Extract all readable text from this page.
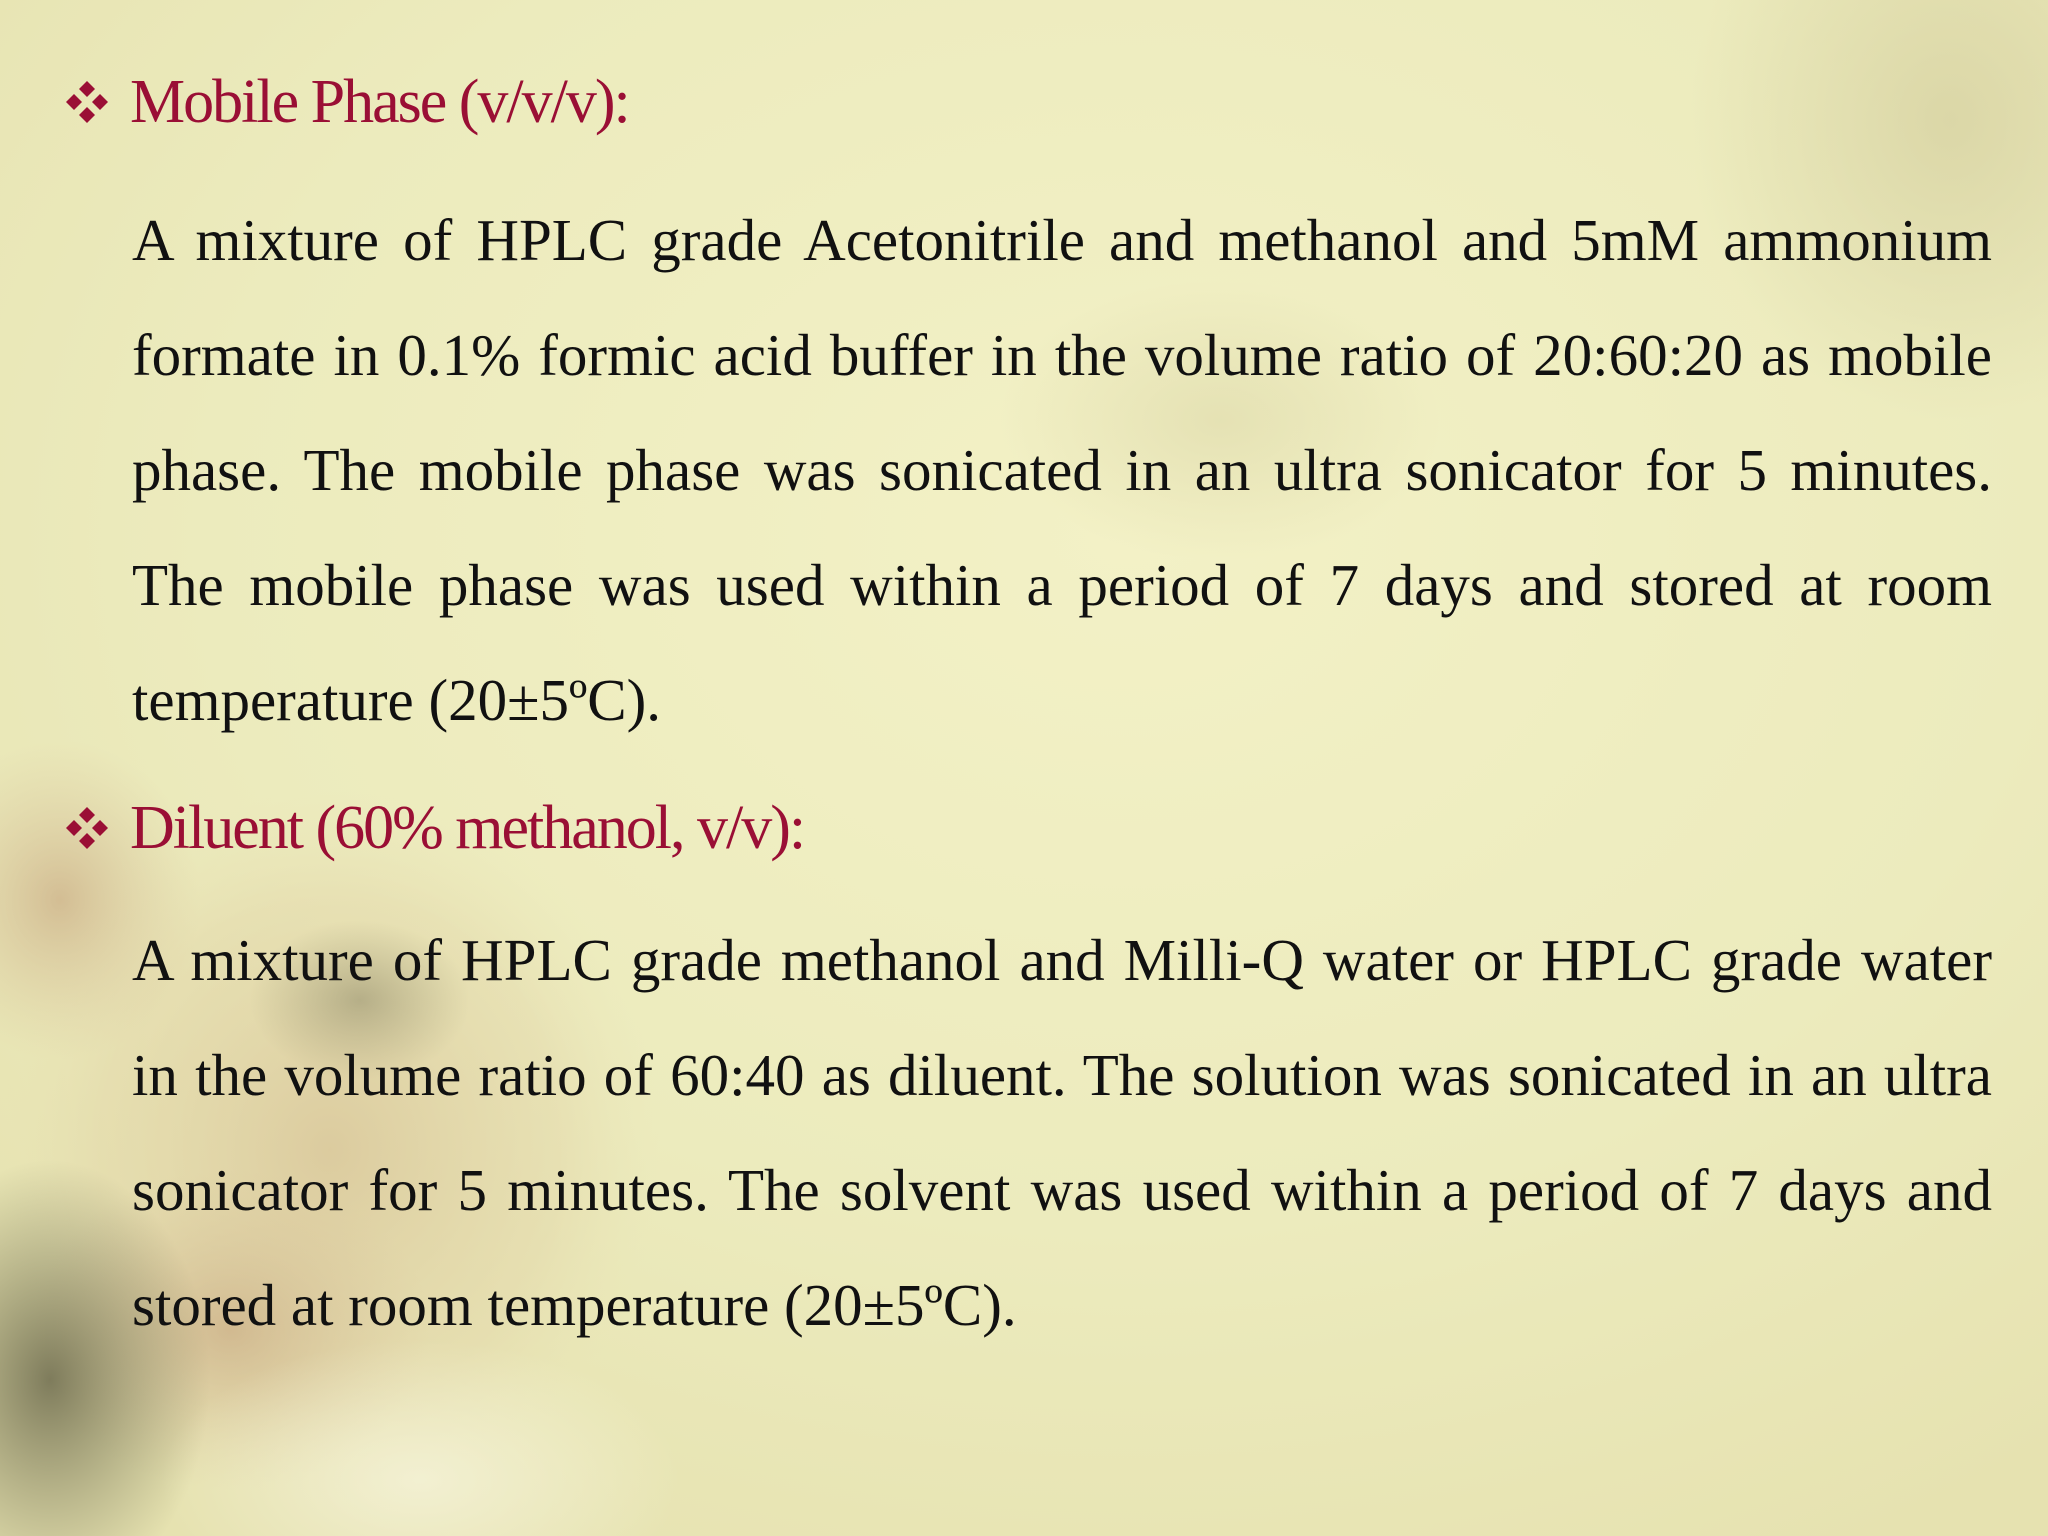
Mobile Phase (v/v/v):

A mixture of HPLC grade Acetonitrile and methanol and 5mM ammonium formate in 0.1% formic acid buffer in the volume ratio of 20:60:20 as mobile phase. The mobile phase was sonicated in an ultra sonicator for 5 minutes. The mobile phase was used within a period of 7 days and stored at room temperature (20±5ºC).

Diluent (60% methanol, v/v):

A mixture of HPLC grade methanol and Milli-Q water or HPLC grade water in the volume ratio of 60:40 as diluent. The solution was sonicated in an ultra sonicator for 5 minutes. The solvent was used within a period of 7 days and stored at room temperature (20±5ºC).
